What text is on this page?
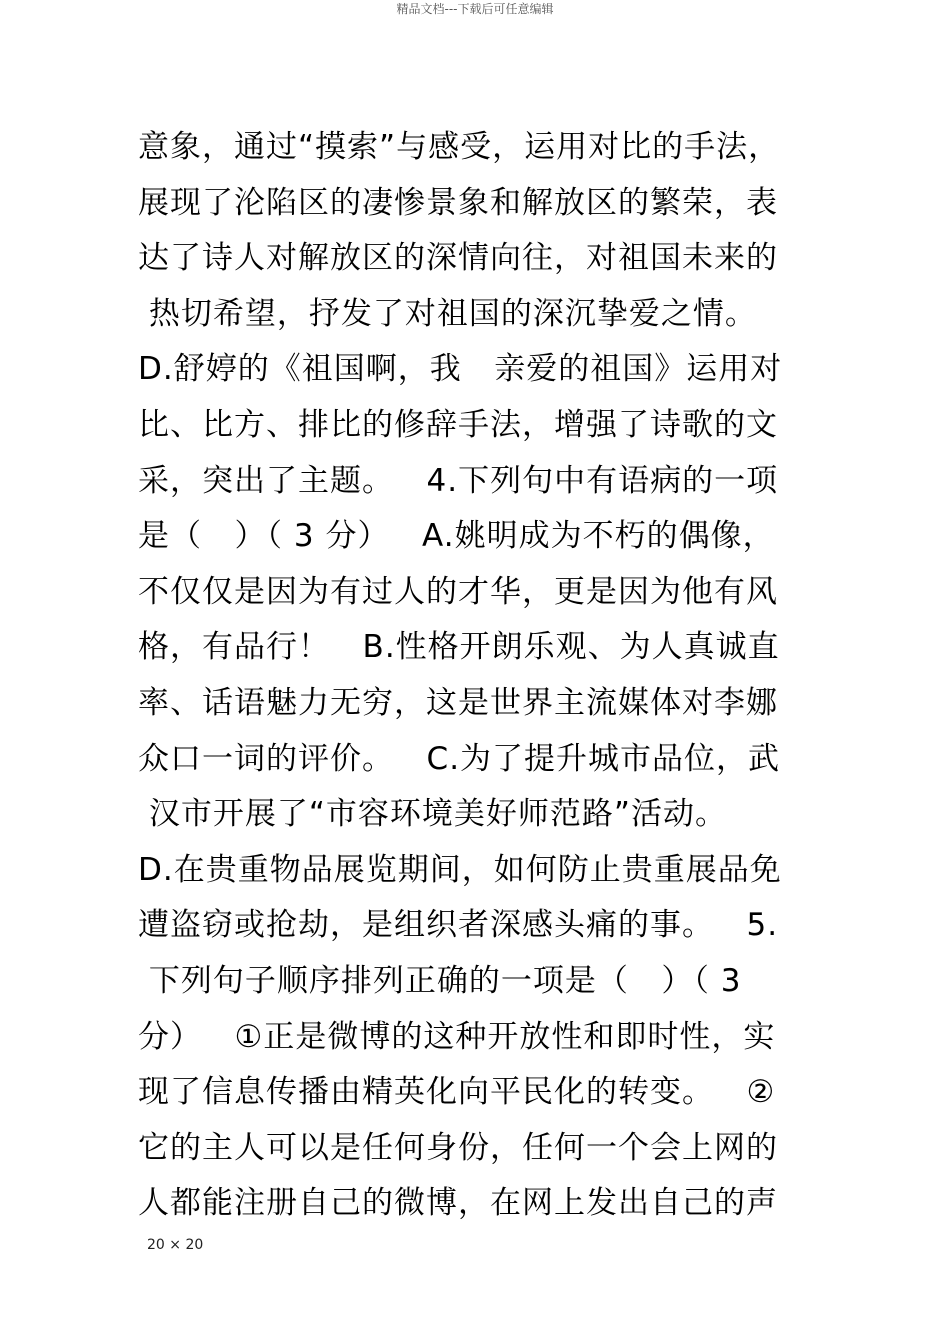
精品文档---下载后可任意编辑
意象，通过“摸索”与感受，运用对比的手法，
展现了沦陷区的凄惨景象和解放区的繁荣，表
达了诗人对解放区的深情向往，对祖国未来的
热切希望，抒发了对祖国的深沉挚爱之情。
D.舒婷的《祖国啊，我   亲爱的祖国》运用对
比、比方、排比的修辞手法，增强了诗歌的文
采，突出了主题。   4.下列句中有语病的一项
是（   ）（ 3 分）   A.姚明成为不朽的偶像，
不仅仅是因为有过人的才华，更是因为他有风
格，有品行！   B.性格开朗乐观、为人真诚直
率、话语魅力无穷，这是世界主流媒体对李娜
众口一词的评价。   C.为了提升城市品位，武
汉市开展了“市容环境美好师范路”活动。
D.在贵重物品展览期间，如何防止贵重展品免
遭盗窃或抢劫，是组织者深感头痛的事。   5.
下列句子顺序排列正确的一项是（   ）（ 3
分）   ①正是微博的这种开放性和即时性，实
现了信息传播由精英化向平民化的转变。   ②
它的主人可以是任何身份，任何一个会上网的
人都能注册自己的微博，在网上发出自己的声
20 × 20
